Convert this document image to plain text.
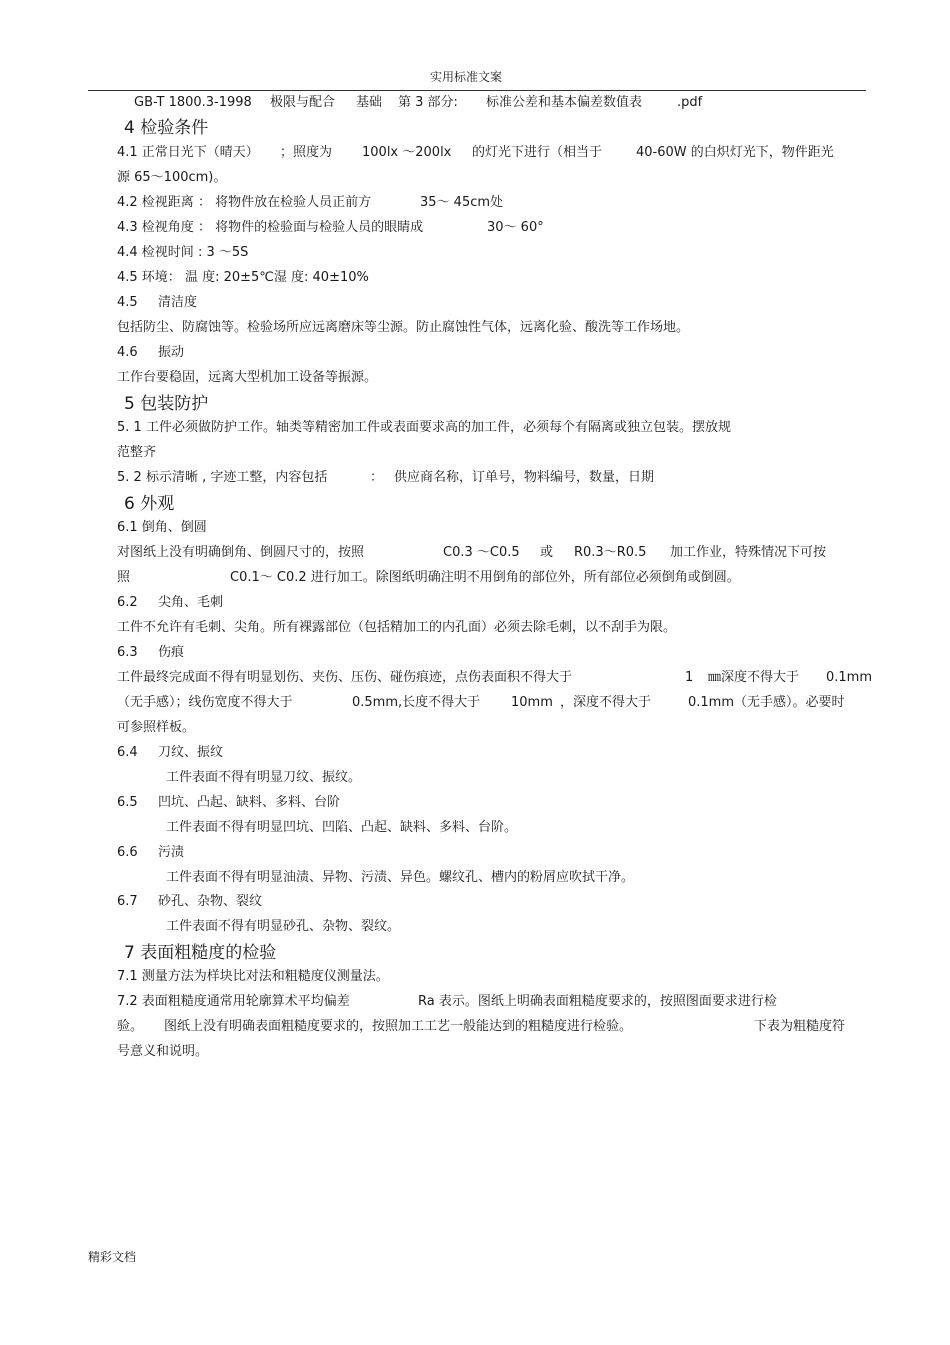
实用标准文案
GB-T 1800.3-1998 极限与配合 基础 第 3 部分: 标准公差和基本偏差数值表	.pdf
4 检验条件
4.1 正常日光下（晴天） ；照度为 100lx ～200lx 的灯光下进行（相当于	40-60W 的白炽灯光下，物件距光
源 65～100cm)。
4.2 检视距离 ： 将物件放在检验人员正前方	35～ 45cm处
4.3 检视角度 ： 将物件的检验面与检验人员的眼睛成	30～ 60°
4.4 检视时间 : 3 ～5S
4.5 环境： 温 度: 20±5℃湿 度: 40±10%
4.5 清洁度
包括防尘、防腐蚀等。检验场所应远离磨床等尘源。防止腐蚀性气体，远离化验、酸洗等工作场地。
4.6 振动
工作台要稳固，远离大型机加工设备等振源。
5 包装防护
5. 1 工件必须做防护工作。轴类等精密加工件或表面要求高的加工件，必须每个有隔离或独立包装。摆放规
范整齐
5. 2 标示清晰 , 字迹工整，内容包括	： 供应商名称，订单号，物料编号，数量，日期
6 外观
6.1 倒角、倒圆
对图纸上没有明确倒角、倒圆尺寸的，按照	C0.3 ～C0.5 或 R0.3～R0.5 加工作业，特殊情况下可按
照	C0.1～ C0.2 进行加工。除图纸明确注明不用倒角的部位外，所有部位必须倒角或倒圆。
6.2 尖角、毛刺
工件不允许有毛刺、尖角。所有裸露部位（包括精加工的内孔面）必须去除毛刺，以不刮手为限。
6.3 伤痕
工件最终完成面不得有明显划伤、夹伤、压伤、碰伤痕迹，点伤表面积不得大于	1 ㎜深度不得大于 0.1mm
（无手感）；线伤宽度不得大于	0.5mm,长度不得大于 10mm ，深度不得大于	0.1mm（无手感）。必要时
可参照样板。
6.4 刀纹、振纹
工件表面不得有明显刀纹、振纹。
6.5 凹坑、凸起、缺料、多料、台阶
工件表面不得有明显凹坑、凹陷、凸起、缺料、多料、台阶。
6.6 污渍
工件表面不得有明显油渍、异物、污渍、异色。螺纹孔、槽内的粉屑应吹拭干净。
6.7 砂孔、杂物、裂纹
工件表面不得有明显砂孔、杂物、裂纹。
7 表面粗糙度的检验
7.1 测量方法为样块比对法和粗糙度仪测量法。
7.2 表面粗糙度通常用轮廓算术平均偏差	Ra 表示。图纸上明确表面粗糙度要求的，按照图面要求进行检
验。 图纸上没有明确表面粗糙度要求的，按照加工工艺一般能达到的粗糙度进行检验。	下表为粗糙度符
号意义和说明。
精彩文档
